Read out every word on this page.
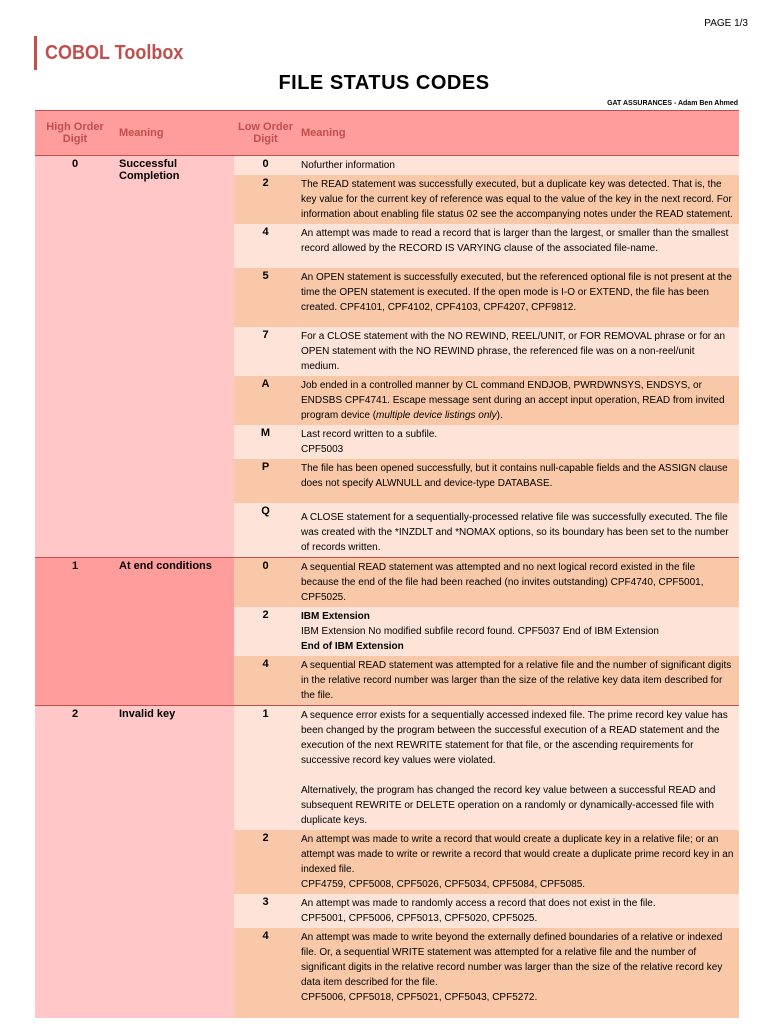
PAGE 1/3
COBOL Toolbox
FILE STATUS CODES
GAT ASSURANCES - Adam Ben Ahmed
High Order Digit	Meaning	Low Order Digit	Meaning
0	Successful Completion	0	Nofurther information
		2	The READ statement was successfully executed, but a duplicate key was detected. That is, the key value for the current key of reference was equal to the value of the key in the next record. For information about enabling file status 02 see the accompanying notes under the READ statement.
		4	An attempt was made to read a record that is larger than the largest, or smaller than the smallest record allowed by the RECORD IS VARYING clause of the associated file-name.
		5	An OPEN statement is successfully executed, but the referenced optional file is not present at the time the OPEN statement is executed. If the open mode is I-O or EXTEND, the file has been created. CPF4101, CPF4102, CPF4103, CPF4207, CPF9812.
		7	For a CLOSE statement with the NO REWIND, REEL/UNIT, or FOR REMOVAL phrase or for an OPEN statement with the NO REWIND phrase, the referenced file was on a non-reel/unit medium.
		A	Job ended in a controlled manner by CL command ENDJOB, PWRDWNSYS, ENDSYS, or ENDSBS CPF4741. Escape message sent during an accept input operation, READ from invited program device (multiple device listings only).
		M	Last record written to a subfile.
CPF5003

		P	The file has been opened successfully, but it contains null-capable fields and the ASSIGN clause does not specify ALWNULL and device-type DATABASE.
		Q	A CLOSE statement for a sequentially-processed relative file was successfully executed. The file was created with the *INZDLT and *NOMAX options, so its boundary has been set to the number of records written.
1	At end conditions	0	A sequential READ statement was attempted and no next logical record existed in the file because the end of the file had been reached (no invites outstanding) CPF4740, CPF5001, CPF5025.
		2	IBM Extension
IBM Extension No modified subfile record found. CPF5037 End of IBM Extension
End of IBM Extension

		4	A sequential READ statement was attempted for a relative file and the number of significant digits in the relative record number was larger than the size of the relative key data item described for the file.
2	Invalid key	1	A sequence error exists for a sequentially accessed indexed file. The prime record key value has been changed by the program between the successful execution of a READ statement and the execution of the next REWRITE statement for that file, or the ascending requirements for successive record key values were violated.
Alternatively, the program has changed the record key value between a successful READ and subsequent REWRITE or DELETE operation on a randomly or dynamically-accessed file with duplicate keys.

		2	An attempt was made to write a record that would create a duplicate key in a relative file; or an attempt was made to write or rewrite a record that would create a duplicate prime record key in an indexed file.
CPF4759, CPF5008, CPF5026, CPF5034, CPF5084, CPF5085.

		3	An attempt was made to randomly access a record that does not exist in the file.
CPF5001, CPF5006, CPF5013, CPF5020, CPF5025.

		4	An attempt was made to write beyond the externally defined boundaries of a relative or indexed file. Or, a sequential WRITE statement was attempted for a relative file and the number of significant digits in the relative record number was larger than the size of the relative record key data item described for the file.
CPF5006, CPF5018, CPF5021, CPF5043, CPF5272.
